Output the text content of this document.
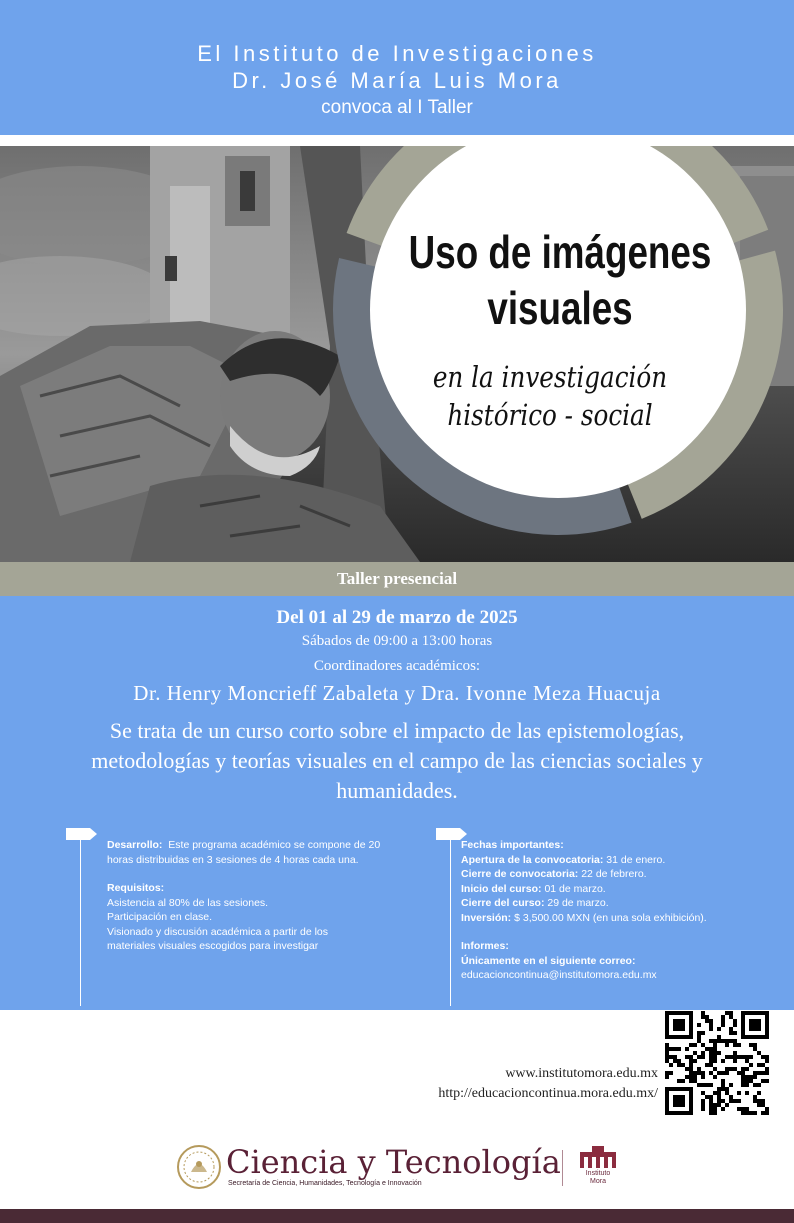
El Instituto de Investigaciones
Dr. José María Luis Mora
convoca al I Taller
Uso de imágenes
visuales
en la investigación
histórico - social
Taller presencial
Del 01 al 29 de marzo de 2025
Sábados de 09:00 a 13:00 horas
Coordinadores académicos:
Dr. Henry Moncrieff Zabaleta y Dra. Ivonne Meza Huacuja
Se trata de un curso corto sobre el impacto de las epistemologías, metodologías y teorías visuales en el campo de las ciencias sociales y humanidades.
Desarrollo: Este programa académico se compone de 20
horas distribuidas en 3 sesiones de 4 horas cada una.
Requisitos:
Asistencia al 80% de las sesiones.
Participación en clase.
Visionado y discusión académica a partir de los
materiales visuales escogidos para investigar
Fechas importantes:
Apertura de la convocatoria: 31 de enero.
Cierre de convocatoria: 22 de febrero.
Inicio del curso: 01 de marzo.
Cierre del curso: 29 de marzo.
Inversión: $ 3,500.00 MXN (en una sola exhibición).
Informes:
Únicamente en el siguiente correo:
educacioncontinua@institutomora.edu.mx
www.institutomora.edu.mx
http://educacioncontinua.mora.edu.mx/
Ciencia y Tecnología
Secretaría de Ciencia, Humanidades, Tecnología e Innovación
Instituto
Mora
